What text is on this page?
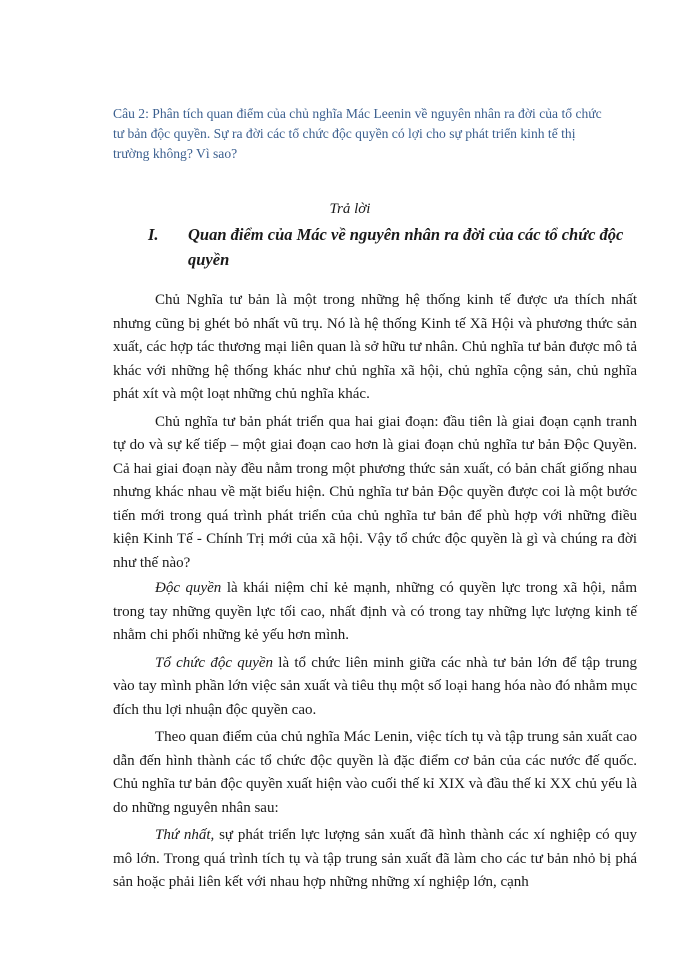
Câu 2: Phân tích quan điểm của chủ nghĩa Mác Leenin về nguyên nhân ra đời của tổ chức tư bản độc quyền. Sự ra đời các tổ chức độc quyền có lợi cho sự phát triển kinh tế thị trường không? Vì sao?

Trả lời

I. Quan điểm của Mác về nguyên nhân ra đời của các tổ chức độc quyền

Chủ Nghĩa tư bản là một trong những hệ thống kinh tế được ưa thích nhất nhưng cũng bị ghét bỏ nhất vũ trụ. Nó là hệ thống Kinh tế Xã Hội và phương thức sản xuất, các hợp tác thương mại liên quan là sở hữu tư nhân. Chủ nghĩa tư bản được mô tả khác với những hệ thống khác như chủ nghĩa xã hội, chủ nghĩa cộng sản, chủ nghĩa phát xít và một loạt những chủ nghĩa khác.

Chủ nghĩa tư bản phát triển qua hai giai đoạn: đầu tiên là giai đoạn cạnh tranh tự do và sự kế tiếp – một giai đoạn cao hơn là giai đoạn chủ nghĩa tư bản Độc Quyền. Cả hai giai đoạn này đều nằm trong một phương thức sản xuất, có bản chất giống nhau nhưng khác nhau về mặt biểu hiện. Chủ nghĩa tư bản Độc quyền được coi là một bước tiến mới trong quá trình phát triển của chủ nghĩa tư bản để phù hợp với những điều kiện Kinh Tế - Chính Trị mới của xã hội. Vậy tổ chức độc quyền là gì và chúng ra đời như thế nào?

Độc quyền là khái niệm chỉ kẻ mạnh, những có quyền lực trong xã hội, nắm trong tay những quyền lực tối cao, nhất định và có trong tay những lực lượng kinh tế nhằm chi phối những kẻ yếu hơn mình.

Tổ chức độc quyền là tổ chức liên minh giữa các nhà tư bản lớn để tập trung vào tay mình phần lớn việc sản xuất và tiêu thụ một số loại hang hóa nào đó nhằm mục đích thu lợi nhuận độc quyền cao.

Theo quan điểm của chủ nghĩa Mác Lenin, việc tích tụ và tập trung sản xuất cao dẫn đến hình thành các tổ chức độc quyền là đặc điểm cơ bản của các nước đế quốc. Chủ nghĩa tư bản độc quyền xuất hiện vào cuối thế kỉ XIX và đầu thế kỉ XX chủ yếu là do những nguyên nhân sau:

Thứ nhất, sự phát triển lực lượng sản xuất đã hình thành các xí nghiệp có quy mô lớn. Trong quá trình tích tụ và tập trung sản xuất đã làm cho các tư bản nhỏ bị phá sản hoặc phải liên kết với nhau hợp những những xí nghiệp lớn, cạnh
